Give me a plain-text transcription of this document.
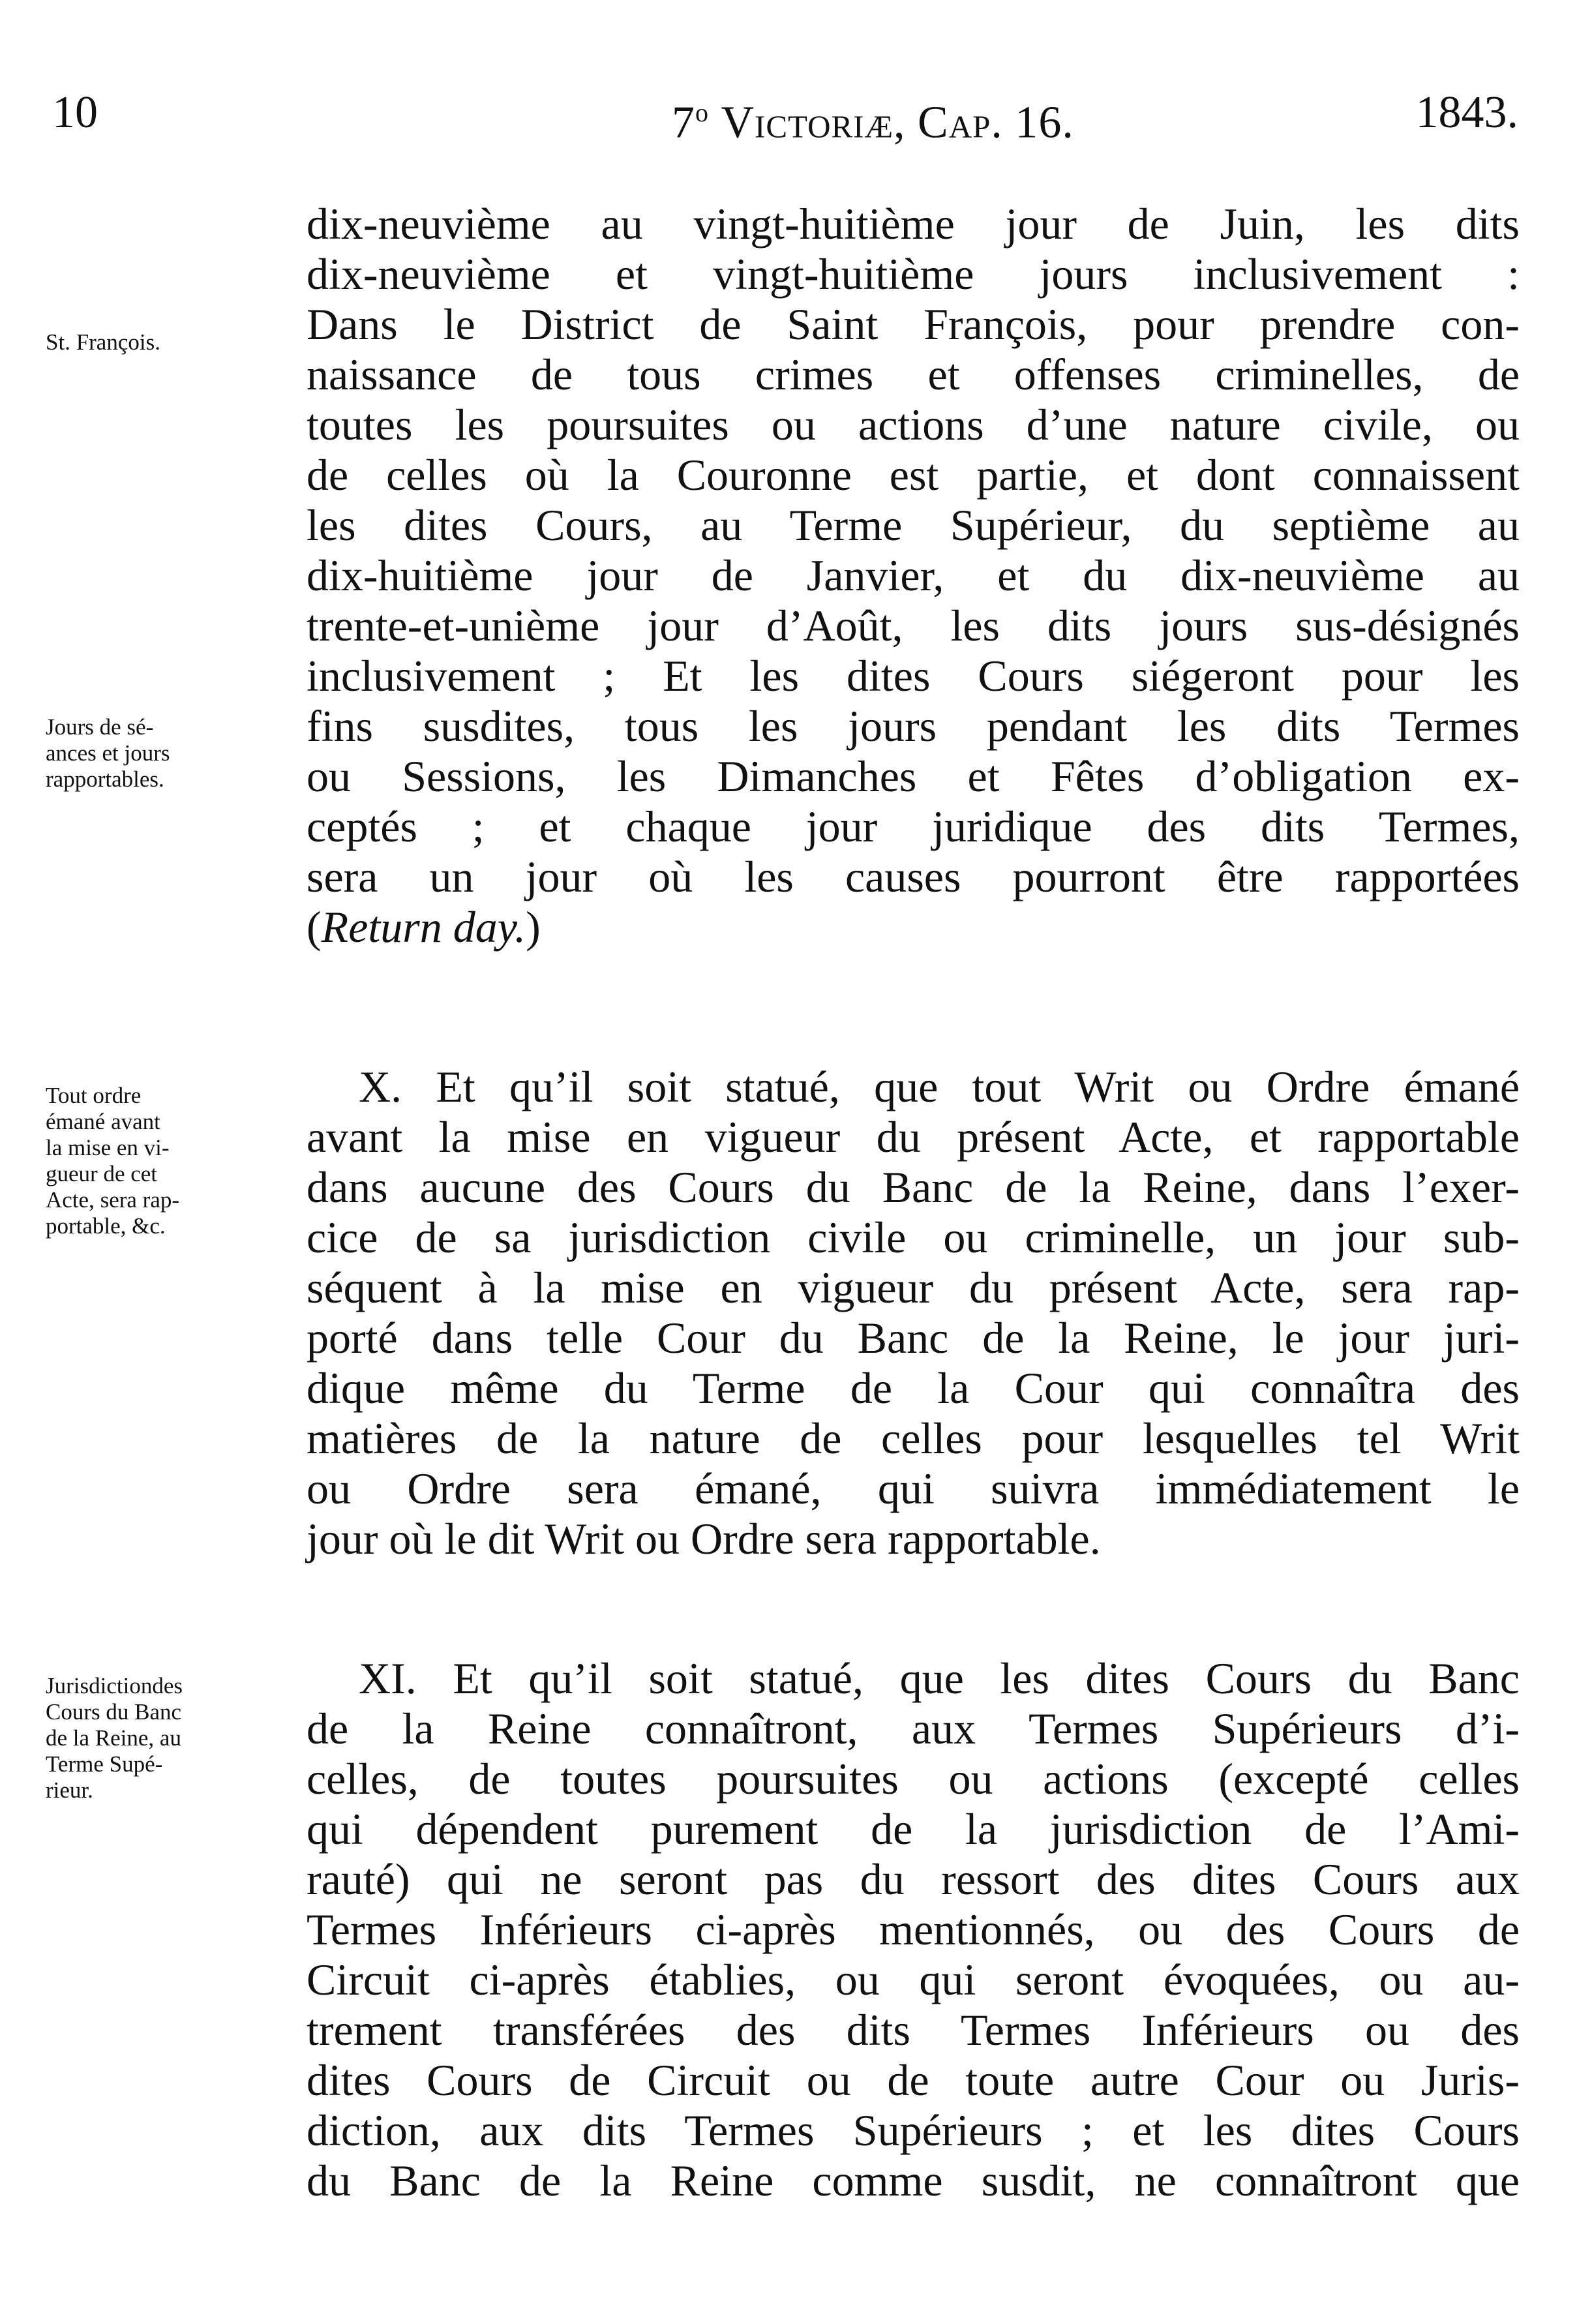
10	7$^o$ Victoriæ, Cap. 16.	1843.
dix-neuvième au vingt-huitième jour de Juin, les dits
dix-neuvième et vingt-huitième jours inclusivement :
Dans le District de Saint François, pour prendre con-
naissance de tous crimes et offenses criminelles, de
toutes les poursuites ou actions d’une nature civile, ou
de celles où la Couronne est partie, et dont connaissent
les dites Cours, au Terme Supérieur, du septième au
dix-huitième jour de Janvier, et du dix-neuvième au
trente-et-unième jour d’Août, les dits jours sus-désignés
inclusivement ; Et les dites Cours siégeront pour les
fins susdites, tous les jours pendant les dits Termes
ou Sessions, les Dimanches et Fêtes d’obligation ex-
ceptés ; et chaque jour juridique des dits Termes,
sera un jour où les causes pourront être rapportées
(Return day.)
St. François.
Jours de sé-
ances et jours
rapportables.
Tout ordre
émané avant
la mise en vi-
gueur de cet
Acte, sera rap-
portable, &c.
Jurisdictiondes
Cours du Banc
de la Reine, au
Terme Supé-
rieur.
X. Et qu’il soit statué, que tout Writ ou Ordre émané
avant la mise en vigueur du présent Acte, et rapportable
dans aucune des Cours du Banc de la Reine, dans l’exer-
cice de sa jurisdiction civile ou criminelle, un jour sub-
séquent à la mise en vigueur du présent Acte, sera rap-
porté dans telle Cour du Banc de la Reine, le jour juri-
dique même du Terme de la Cour qui connaîtra des
matières de la nature de celles pour lesquelles tel Writ
ou Ordre sera émané, qui suivra immédiatement le
jour où le dit Writ ou Ordre sera rapportable.
XI. Et qu’il soit statué, que les dites Cours du Banc
de la Reine connaîtront, aux Termes Supérieurs d’i-
celles, de toutes poursuites ou actions (excepté celles
qui dépendent purement de la jurisdiction de l’Ami-
rauté) qui ne seront pas du ressort des dites Cours aux
Termes Inférieurs ci-après mentionnés, ou des Cours de
Circuit ci-après établies, ou qui seront évoquées, ou au-
trement transférées des dits Termes Inférieurs ou des
dites Cours de Circuit ou de toute autre Cour ou Juris-
diction, aux dits Termes Supérieurs ; et les dites Cours
du Banc de la Reine comme susdit, ne connaîtront que
